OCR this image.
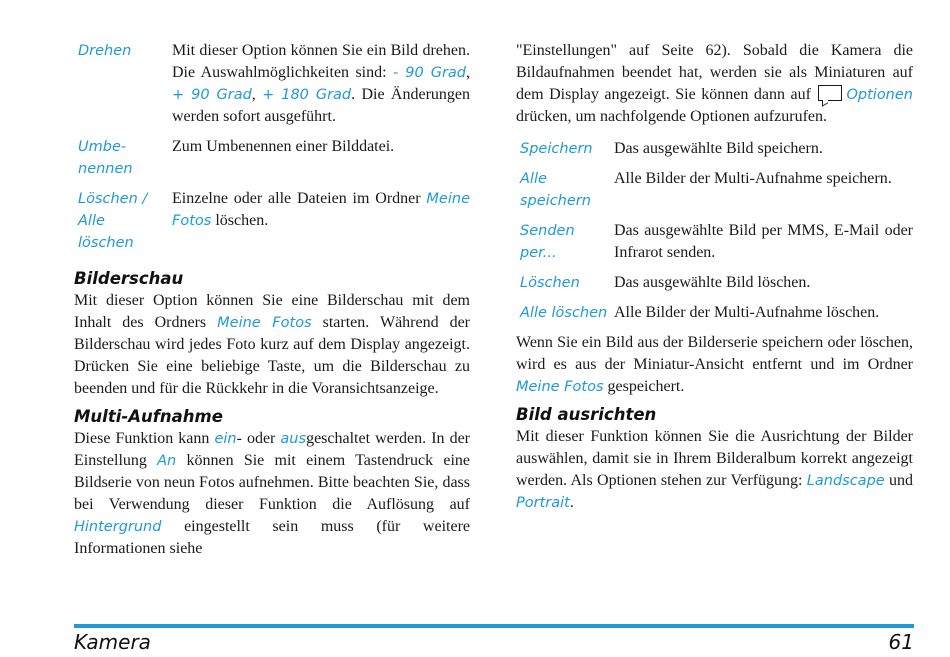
Drehen	Mit dieser Option können Sie ein Bild drehen. Die Auswahlmöglichkeiten sind: - 90 Grad, + 90 Grad, + 180 Grad. Die Änderungen werden sofort ausgeführt.
Umbe-
nennen	Zum Umbenennen einer Bilddatei.
Löschen /
Alle
löschen	Einzelne oder alle Dateien im Ordner Meine Fotos löschen.
Bilderschau

Mit dieser Option können Sie eine Bilderschau mit dem Inhalt des Ordners Meine Fotos starten. Während der Bilderschau wird jedes Foto kurz auf dem Display angezeigt. Drücken Sie eine beliebige Taste, um die Bilderschau zu beenden und für die Rückkehr in die Voransichtsanzeige.

Multi-Aufnahme

Diese Funktion kann ein- oder ausgeschaltet werden. In der Einstellung An können Sie mit einem Tastendruck eine Bildserie von neun Fotos aufnehmen. Bitte beachten Sie, dass bei Verwendung dieser Funktion die Auflösung auf Hintergrund eingestellt sein muss (für weitere Informationen siehe

"Einstellungen" auf Seite 62). Sobald die Kamera die Bildaufnahmen beendet hat, werden sie als Miniaturen auf dem Display angezeigt. Sie können dann auf Optionen drücken, um nachfolgende Optionen aufzurufen.

Speichern	Das ausgewählte Bild speichern.
Alle speichern	Alle Bilder der Multi-Aufnahme speichern.
Senden per...	Das ausgewählte Bild per MMS, E-Mail oder Infrarot senden.
Löschen	Das ausgewählte Bild löschen.
Alle löschen	Alle Bilder der Multi-Aufnahme löschen.

Wenn Sie ein Bild aus der Bilderserie speichern oder löschen, wird es aus der Miniatur-Ansicht entfernt und im Ordner Meine Fotos gespeichert.

Bild ausrichten

Mit dieser Funktion können Sie die Ausrichtung der Bilder auswählen, damit sie in Ihrem Bilderalbum korrekt angezeigt werden. Als Optionen stehen zur Verfügung: Landscape und Portrait.

Kamera	61
